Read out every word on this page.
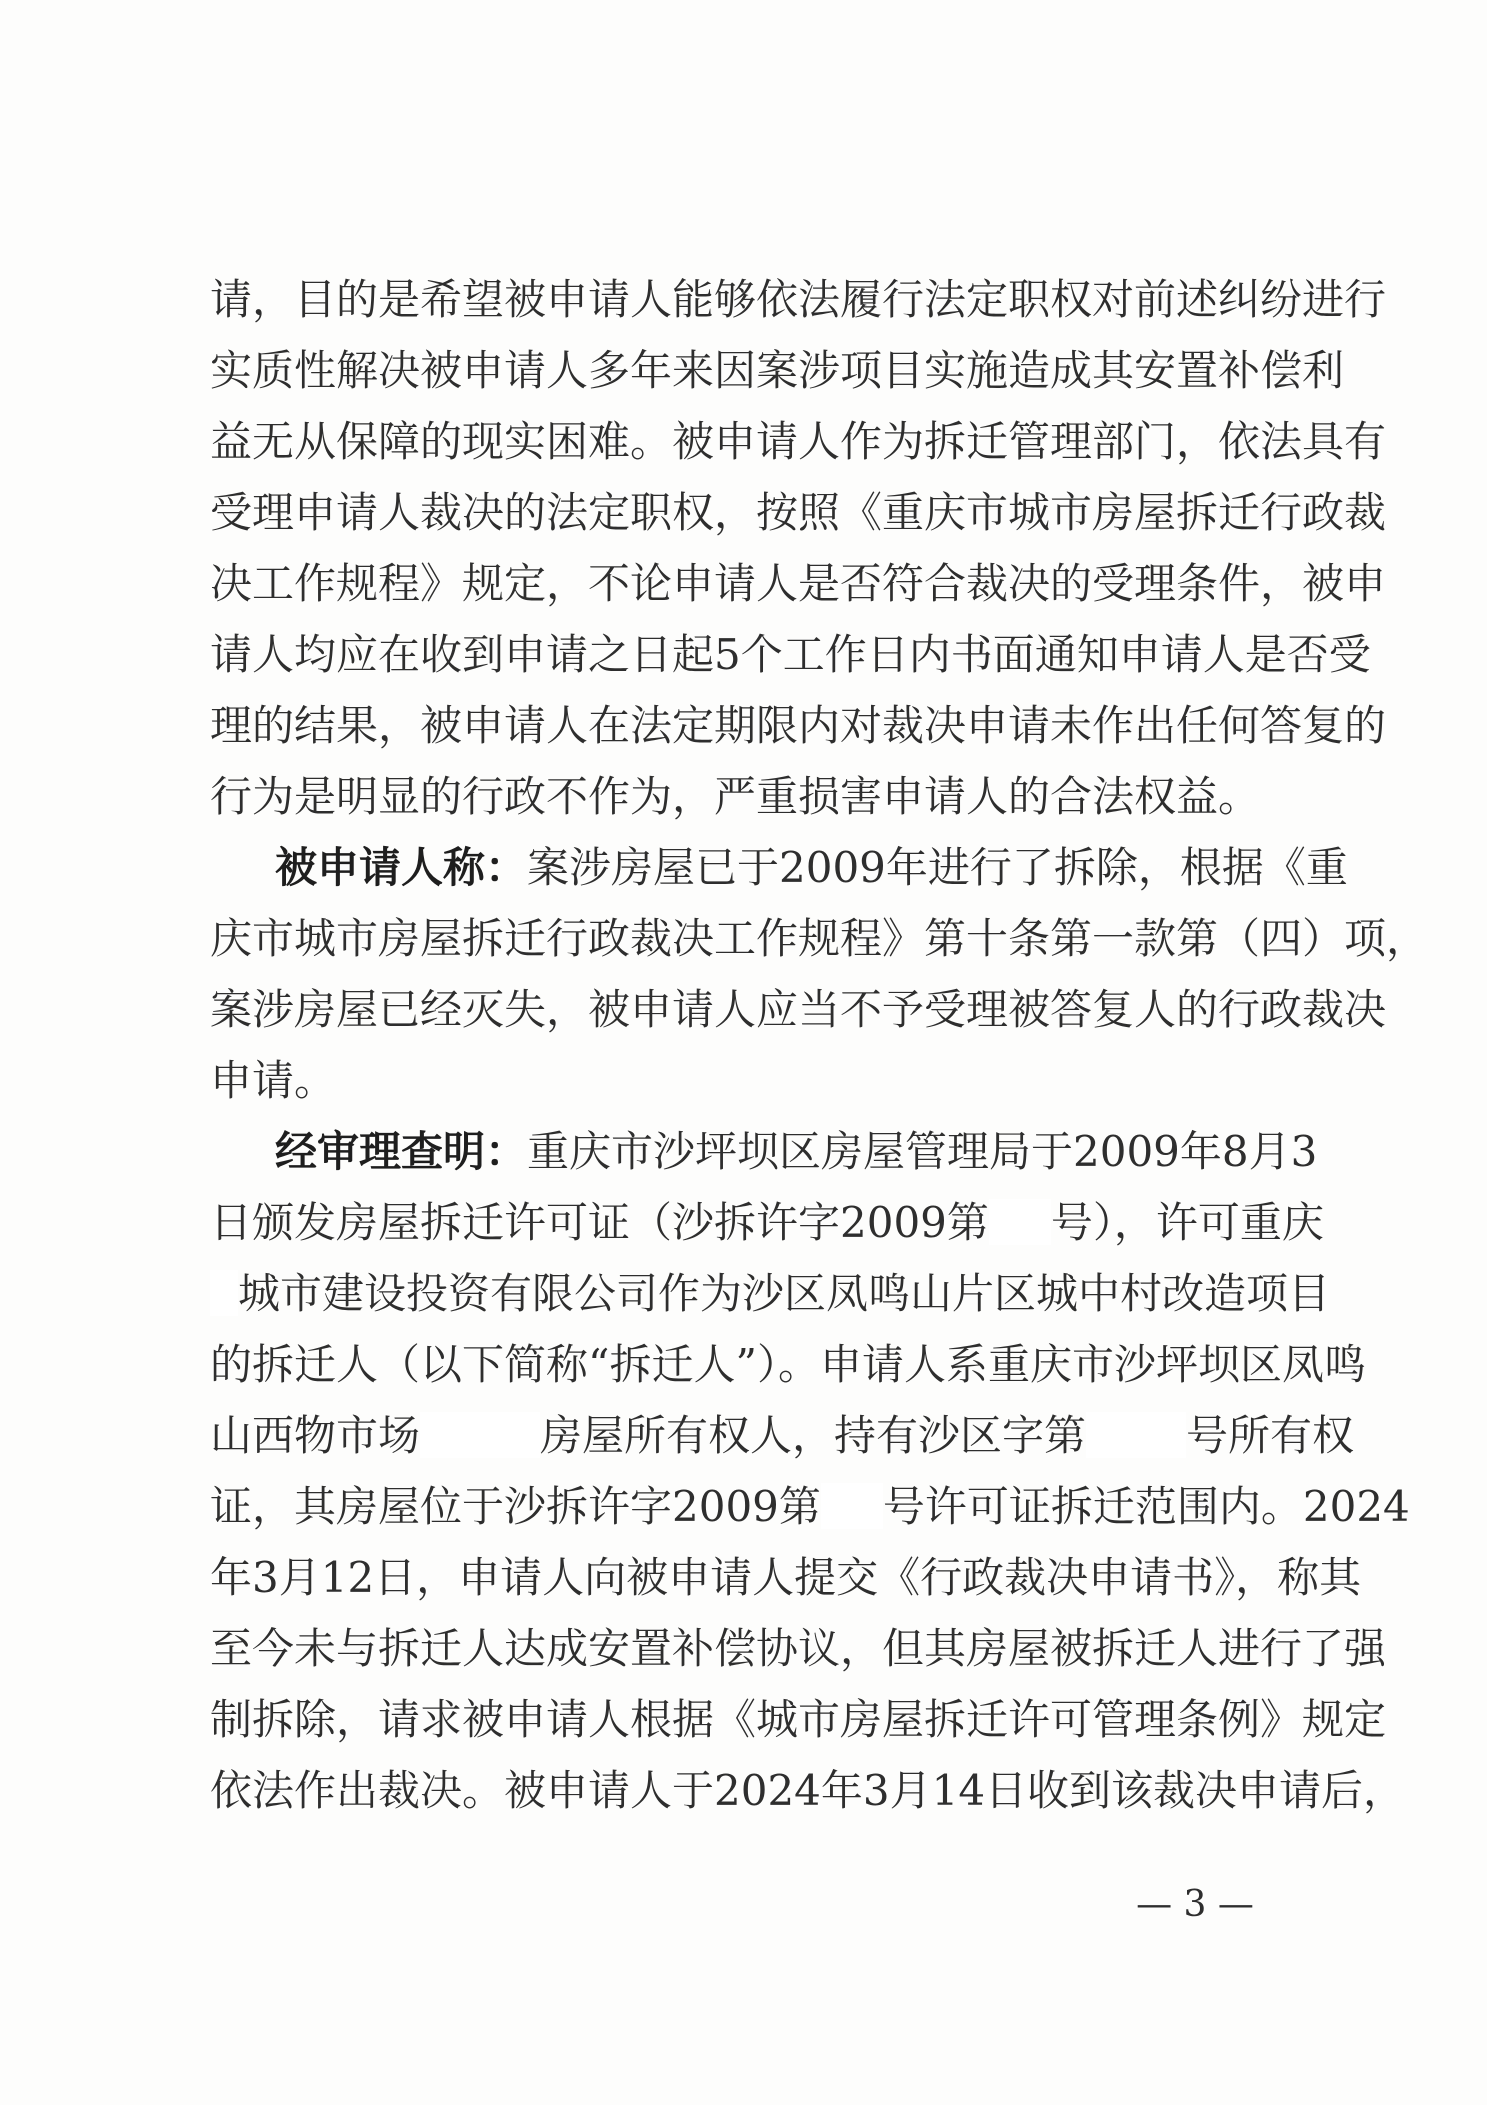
请，目的是希望被申请人能够依法履行法定职权对前述纠纷进行
实质性解决被申请人多年来因案涉项目实施造成其安置补偿利
益无从保障的现实困难。被申请人作为拆迁管理部门，依法具有
受理申请人裁决的法定职权，按照《重庆市城市房屋拆迁行政裁
决工作规程》规定，不论申请人是否符合裁决的受理条件，被申
请人均应在收到申请之日起5个工作日内书面通知申请人是否受
理的结果，被申请人在法定期限内对裁决申请未作出任何答复的
行为是明显的行政不作为，严重损害申请人的合法权益。
被申请人称：案涉房屋已于2009年进行了拆除，根据《重
庆市城市房屋拆迁行政裁决工作规程》第十条第一款第（四）项，
案涉房屋已经灭失，被申请人应当不予受理被答复人的行政裁决
申请。
经审理查明：重庆市沙坪坝区房屋管理局于2009年8月3
日颁发房屋拆迁许可证（沙拆许字2009第 号），许可重庆
城市建设投资有限公司作为沙区凤鸣山片区城中村改造项目
的拆迁人（以下简称“拆迁人”）。申请人系重庆市沙坪坝区凤鸣
山西物市场	房屋所有权人，持有沙区字第 号所有权
证，其房屋位于沙拆许字2009第 号许可证拆迁范围内。2024
年3月12日，申请人向被申请人提交《行政裁决申请书》，称其
至今未与拆迁人达成安置补偿协议，但其房屋被拆迁人进行了强
制拆除，请求被申请人根据《城市房屋拆迁许可管理条例》规定
依法作出裁决。被申请人于2024年3月14日收到该裁决申请后，
— 3 —
